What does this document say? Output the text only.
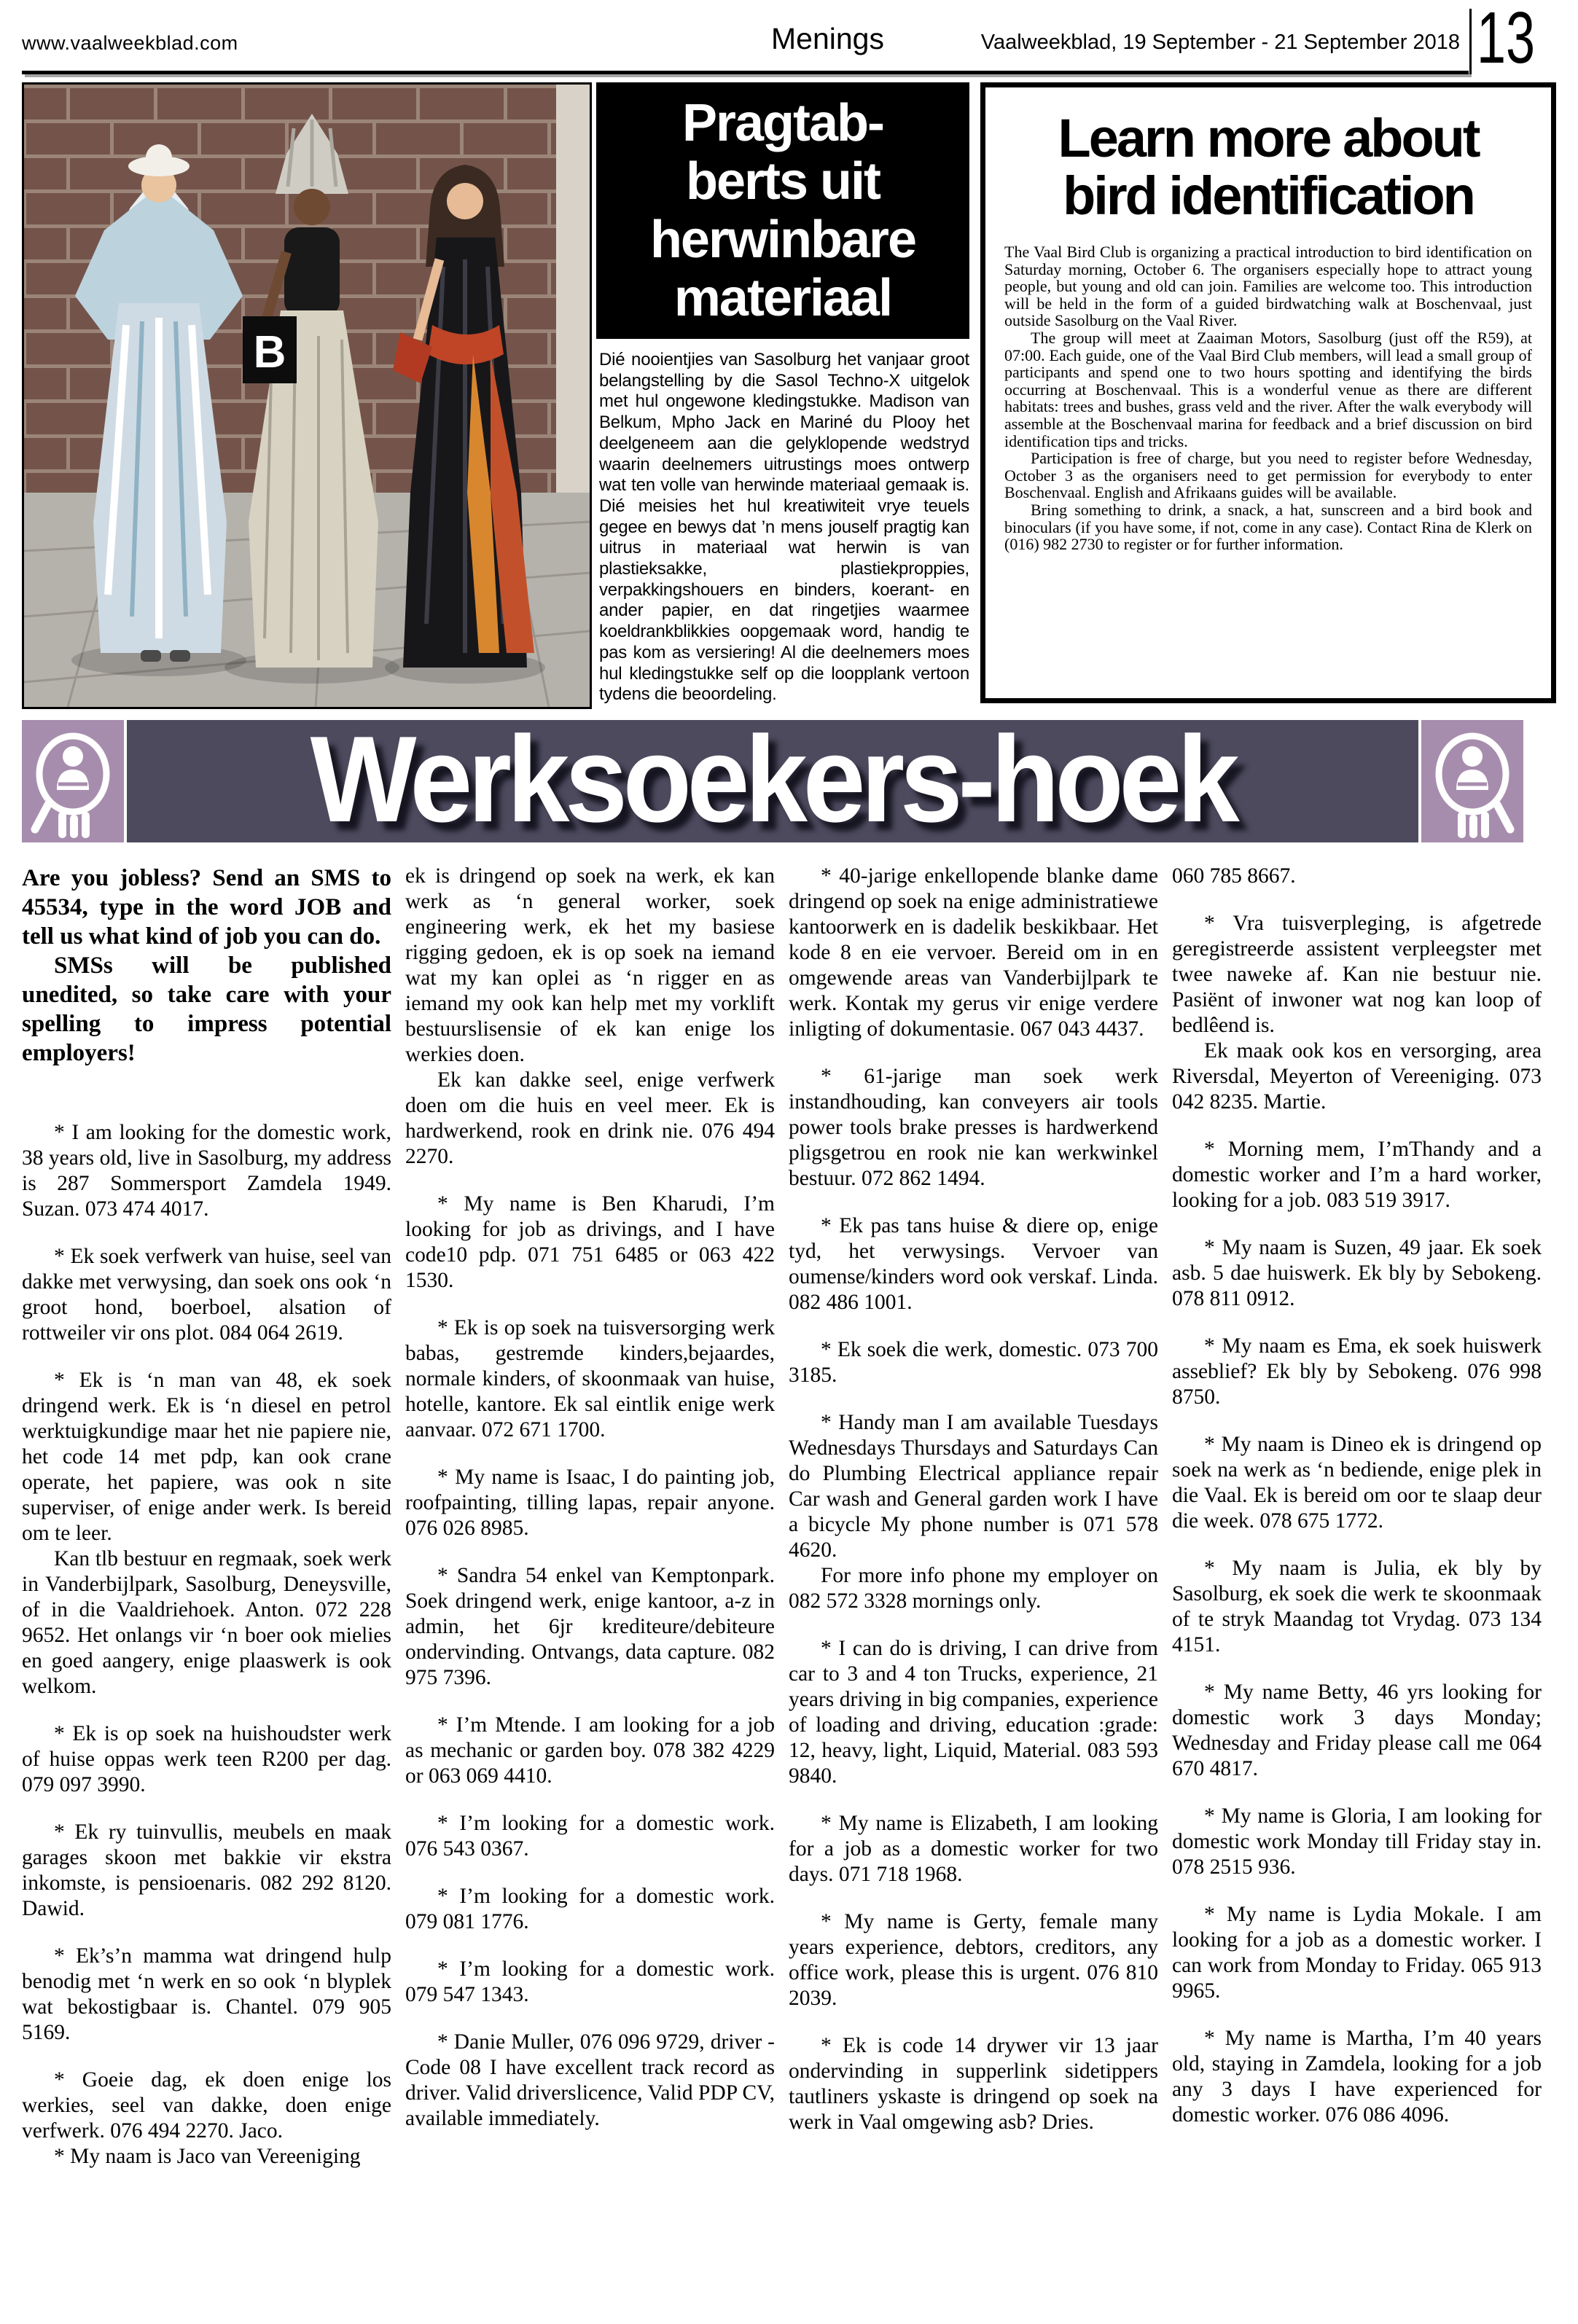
www.vaalweekblad.com	Menings	Vaalweekblad, 19 September - 21 September 2018 13
B
Pragtab-
berts uit
herwinbare
materiaal
Dié nooientjies van Sasolburg het vanjaar groot belangstelling by die Sasol Techno-X uitgelok met hul ongewone kledingstukke. Madison van Belkum, Mpho Jack en Mariné du Plooy het deelgeneem aan die gelyklopende wedstryd waarin deelnemers uitrustings moes ontwerp wat ten volle van herwinde materiaal gemaak is. Dié meisies het hul kreatiwiteit vrye teuels gegee en bewys dat ’n mens jouself pragtig kan uitrus in materiaal wat herwin is van plastieksakke, plastiekproppies, verpakkingshouers en binders, koerant- en ander papier, en dat ringetjies waarmee koeldrankblikkies oopgemaak word, handig te pas kom as versiering! Al die deelnemers moes hul kledingstukke self op die loopplank vertoon tydens die beoordeling.
Learn more about
bird identification

The Vaal Bird Club is organizing a practical introduction to bird identification on Saturday morning, October 6. The organisers especially hope to attract young people, but young and old can join. Families are welcome too. This introduction will be held in the form of a guided birdwatching walk at Boschenvaal, just outside Sasolburg on the Vaal River.

The group will meet at Zaaiman Motors, Sasolburg (just off the R59), at 07:00. Each guide, one of the Vaal Bird Club members, will lead a small group of participants and spend one to two hours spotting and identifying the birds occurring at Boschenvaal. This is a wonderful venue as there are different habitats: trees and bushes, grass veld and the river. After the walk everybody will assemble at the Boschenvaal marina for feedback and a brief discussion on bird identification tips and tricks.

Participation is free of charge, but you need to register before Wednesday, October 3 as the organisers need to get permission for everybody to enter Boschenvaal. English and Afrikaans guides will be available.

Bring something to drink, a snack, a hat, sunscreen and a bird book and binoculars (if you have some, if not, come in any case). Contact Rina de Klerk on (016) 982 2730 to register or for further information.

Werksoekers-hoek

Are you jobless? Send an SMS to 45534, type in the word JOB and tell us what kind of job you can do.

SMSs will be published unedited, so take care with your spelling to impress potential employers!

* I am looking for the domestic work, 38 years old, live in Sasolburg, my address is 287 Sommersport Zamdela 1949. Suzan. 073 474 4017.

* Ek soek verfwerk van huise, seel van dakke met verwysing, dan soek ons ook ‘n groot hond, boerboel, alsation of rottweiler vir ons plot. 084 064 2619.

* Ek is ‘n man van 48, ek soek dringend werk. Ek is ‘n diesel en petrol werktuigkundige maar het nie papiere nie, het code 14 met pdp, kan ook crane operate, het papiere, was ook n site superviser, of enige ander werk. Is bereid om te leer.

Kan tlb bestuur en regmaak, soek werk in Vanderbijlpark, Sasolburg, Deneysville, of in die Vaaldriehoek. Anton. 072 228 9652. Het onlangs vir ‘n boer ook mielies en goed aangery, enige plaaswerk is ook welkom.

* Ek is op soek na huishoudster werk of huise oppas werk teen R200 per dag. 079 097 3990.

* Ek ry tuinvullis, meubels en maak garages skoon met bakkie vir ekstra inkomste, is pensioenaris. 082 292 8120. Dawid.

* Ek’s’n mamma wat dringend hulp benodig met ‘n werk en so ook ‘n blyplek wat bekostigbaar is. Chantel. 079 905 5169.

* Goeie dag, ek doen enige los werkies, seel van dakke, doen enige verfwerk. 076 494 2270. Jaco.

* My naam is Jaco van Vereeniging

ek is dringend op soek na werk, ek kan werk as ‘n general worker, soek engineering werk, ek het my basiese rigging gedoen, ek is op soek na iemand wat my kan oplei as ‘n rigger en as iemand my ook kan help met my vorklift bestuurslisensie of ek kan enige los werkies doen.

Ek kan dakke seel, enige verfwerk doen om die huis en veel meer. Ek is hardwerkend, rook en drink nie. 076 494 2270.

* My name is Ben Kharudi, I’m looking for job as drivings, and I have code10 pdp. 071 751 6485 or 063 422 1530.

* Ek is op soek na tuisversorging werk babas, gestremde kinders,bejaardes, normale kinders, of skoonmaak van huise, hotelle, kantore. Ek sal eintlik enige werk aanvaar. 072 671 1700.

* My name is Isaac, I do painting job, roofpainting, tilling lapas, repair anyone. 076 026 8985.

* Sandra 54 enkel van Kemptonpark. Soek dringend werk, enige kantoor, a-z in admin, het 6jr krediteure/debiteure ondervinding. Ontvangs, data capture. 082 975 7396.

* I’m Mtende. I am looking for a job as mechanic or garden boy. 078 382 4229 or 063 069 4410.

* I’m looking for a domestic work. 076 543 0367.

* I’m looking for a domestic work. 079 081 1776.

* I’m looking for a domestic work. 079 547 1343.

* Danie Muller, 076 096 9729, driver - Code 08 I have excellent track record as driver. Valid driverslicence, Valid PDP CV, available immediately.

* 40-jarige enkellopende blanke dame dringend op soek na enige administratiewe kantoorwerk en is dadelik beskikbaar. Het kode 8 en eie vervoer. Bereid om in en omgewende areas van Vanderbijlpark te werk. Kontak my gerus vir enige verdere inligting of dokumentasie. 067 043 4437.

* 61-jarige man soek werk instandhouding, kan conveyers air tools power tools brake presses is hardwerkend pligsgetrou en rook nie kan werkwinkel bestuur. 072 862 1494.

* Ek pas tans huise & diere op, enige tyd, het verwysings. Vervoer van oumense/kinders word ook verskaf. Linda. 082 486 1001.

* Ek soek die werk, domestic. 073 700 3185.

* Handy man I am available Tuesdays Wednesdays Thursdays and Saturdays Can do Plumbing Electrical appliance repair Car wash and General garden work I have a bicycle My phone number is 071 578 4620.

For more info phone my employer on 082 572 3328 mornings only.

* I can do is driving, I can drive from car to 3 and 4 ton Trucks, experience, 21 years driving in big companies, experience of loading and driving, education :grade: 12, heavy, light, Liquid, Material. 083 593 9840.

* My name is Elizabeth, I am looking for a job as a domestic worker for two days. 071 718 1968.

* My name is Gerty, female many years experience, debtors, creditors, any office work, please this is urgent. 076 810 2039.

* Ek is code 14 drywer vir 13 jaar ondervinding in supperlink sidetippers tautliners yskaste is dringend op soek na werk in Vaal omgewing asb? Dries.

060 785 8667.

* Vra tuisverpleging, is afgetrede geregistreerde assistent verpleegster met twee naweke af. Kan nie bestuur nie. Pasiënt of inwoner wat nog kan loop of bedlêend is.

Ek maak ook kos en versorging, area Riversdal, Meyerton of Vereeniging. 073 042 8235. Martie.

* Morning mem, I’mThandy and a domestic worker and I’m a hard worker, looking for a job. 083 519 3917.

* My naam is Suzen, 49 jaar. Ek soek asb. 5 dae huiswerk. Ek bly by Sebokeng. 078 811 0912.

* My naam es Ema, ek soek huiswerk asseblief? Ek bly by Sebokeng. 076 998 8750.

* My naam is Dineo ek is dringend op soek na werk as ‘n bediende, enige plek in die Vaal. Ek is bereid om oor te slaap deur die week. 078 675 1772.

* My naam is Julia, ek bly by Sasolburg, ek soek die werk te skoonmaak of te stryk Maandag tot Vrydag. 073 134 4151.

* My name Betty, 46 yrs looking for domestic work 3 days Monday; Wednesday and Friday please call me 064 670 4817.

* My name is Gloria, I am looking for domestic work Monday till Friday stay in. 078 2515 936.

* My name is Lydia Mokale. I am looking for a job as a domestic worker. I can work from Monday to Friday. 065 913 9965.

* My name is Martha, I’m 40 years old, staying in Zamdela, looking for a job any 3 days I have experienced for domestic worker. 076 086 4096.
